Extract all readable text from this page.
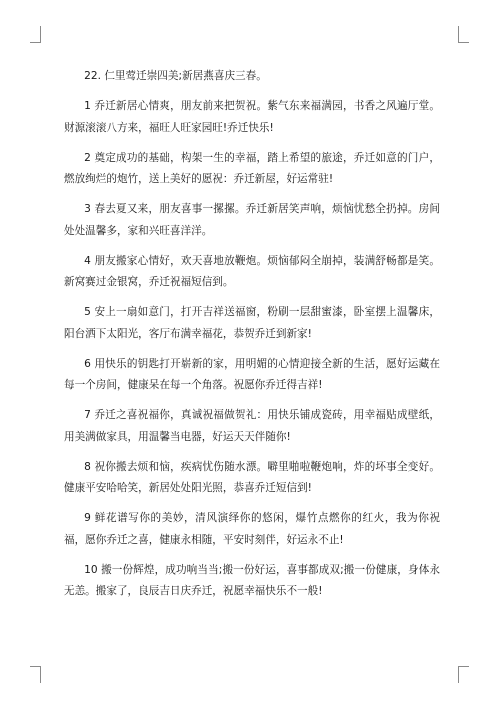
22. 仁里莺迁崇四美;新居燕喜庆三春。

1 乔迁新居心情爽，朋友前来把贺祝。紫气东来福满园，书香之风遍厅堂。财源滚滚八方来，福旺人旺家园旺!乔迁快乐!

2 奠定成功的基础，构架一生的幸福，踏上希望的旅途，乔迁如意的门户，燃放绚烂的炮竹，送上美好的愿祝：乔迁新屋，好运常驻!

3 春去夏又来，朋友喜事一摞摞。乔迁新居笑声响，烦恼忧愁全扔掉。房间处处温馨多，家和兴旺喜洋洋。

4 朋友搬家心情好，欢天喜地放鞭炮。烦恼郁闷全崩掉，装满舒畅都是笑。新窝赛过金银窝，乔迁祝福短信到。

5 安上一扇如意门，打开吉祥送福窗，粉刷一层甜蜜漆，卧室摆上温馨床，阳台洒下太阳光，客厅布满幸福花，恭贺乔迁到新家!

6 用快乐的钥匙打开崭新的家，用明媚的心情迎接全新的生活，愿好运藏在每一个房间，健康呆在每一个角落。祝愿你乔迁得吉祥!

7 乔迁之喜祝福你，真诚祝福做贺礼：用快乐铺成瓷砖，用幸福贴成壁纸，用美满做家具，用温馨当电器，好运天天伴随你!

8 祝你搬去烦和恼，疾病忧伤随水漂。噼里啪啦鞭炮响，炸的坏事全变好。健康平安哈哈笑，新居处处阳光照，恭喜乔迁短信到!

9 鲜花谱写你的美妙，清风演绎你的悠闲，爆竹点燃你的红火，我为你祝福，愿你乔迁之喜，健康永相随，平安时刻伴，好运永不止!

10 搬一份辉煌，成功响当当;搬一份好运，喜事都成双;搬一份健康，身体永无恙。搬家了，良辰吉日庆乔迁，祝愿幸福快乐不一般!
